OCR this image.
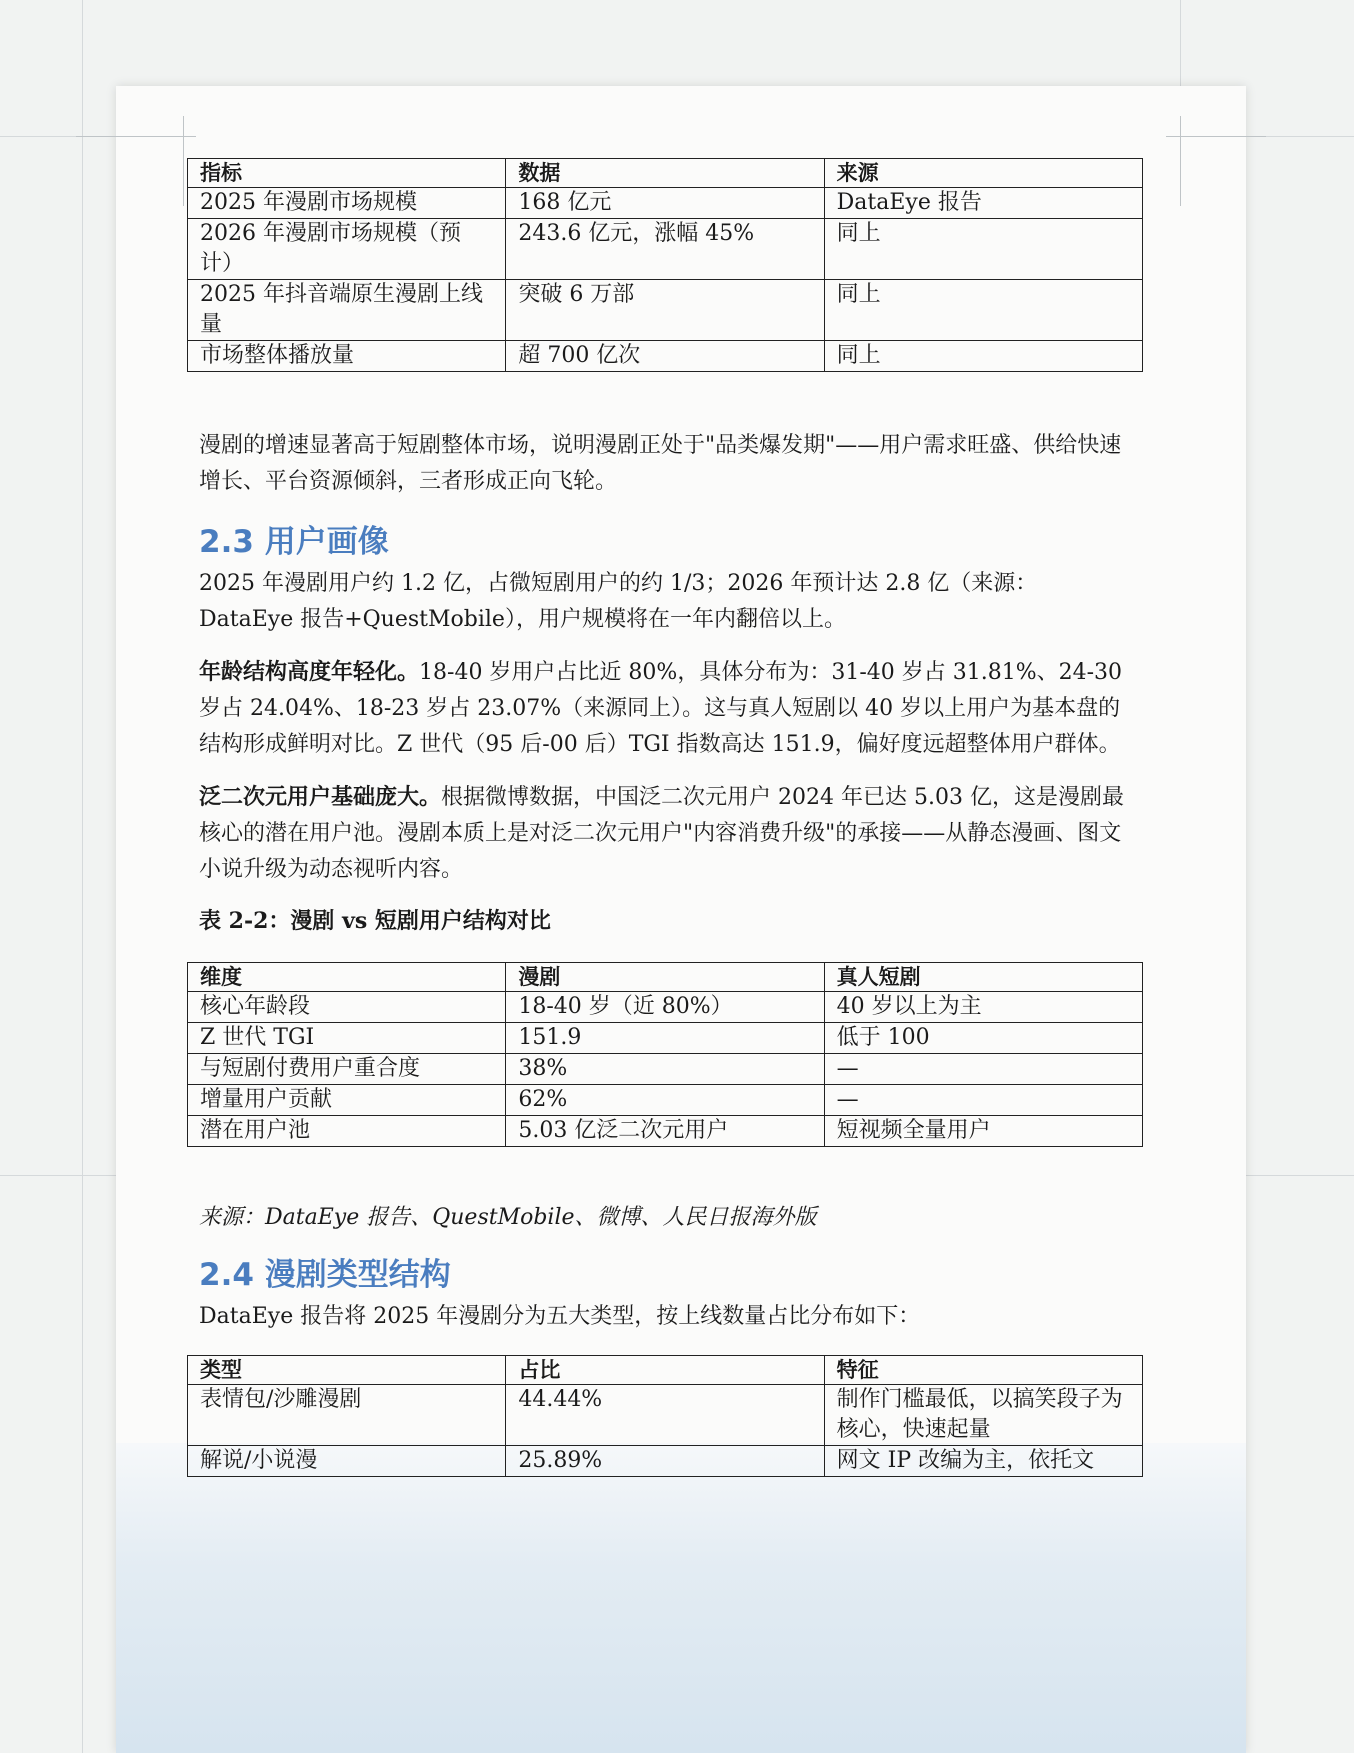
指标	数据	来源
2025 年漫剧市场规模	168 亿元	DataEye 报告
2026 年漫剧市场规模（预计）	243.6 亿元，涨幅 45%	同上
2025 年抖音端原生漫剧上线量	突破 6 万部	同上
市场整体播放量	超 700 亿次	同上

漫剧的增速显著高于短剧整体市场，说明漫剧正处于"品类爆发期"——用户需求旺盛、供给快速增长、平台资源倾斜，三者形成正向飞轮。

2.3 用户画像

2025 年漫剧用户约 1.2 亿，占微短剧用户的约 1/3；2026 年预计达 2.8 亿（来源：DataEye 报告+QuestMobile），用户规模将在一年内翻倍以上。

年龄结构高度年轻化。18-40 岁用户占比近 80%，具体分布为：31-40 岁占 31.81%、24-30 岁占 24.04%、18-23 岁占 23.07%（来源同上）。这与真人短剧以 40 岁以上用户为基本盘的结构形成鲜明对比。Z 世代（95 后-00 后）TGI 指数高达 151.9，偏好度远超整体用户群体。

泛二次元用户基础庞大。根据微博数据，中国泛二次元用户 2024 年已达 5.03 亿，这是漫剧最核心的潜在用户池。漫剧本质上是对泛二次元用户"内容消费升级"的承接——从静态漫画、图文小说升级为动态视听内容。

表 2-2：漫剧 vs 短剧用户结构对比

维度	漫剧	真人短剧
核心年龄段	18-40 岁（近 80%）	40 岁以上为主
Z 世代 TGI	151.9	低于 100
与短剧付费用户重合度	38%	—
增量用户贡献	62%	—
潜在用户池	5.03 亿泛二次元用户	短视频全量用户

来源：DataEye 报告、QuestMobile、微博、人民日报海外版

2.4 漫剧类型结构

DataEye 报告将 2025 年漫剧分为五大类型，按上线数量占比分布如下：

类型	占比	特征
表情包/沙雕漫剧	44.44%	制作门槛最低，以搞笑段子为核心，快速起量
解说/小说漫	25.89%	网文 IP 改编为主，依托文
